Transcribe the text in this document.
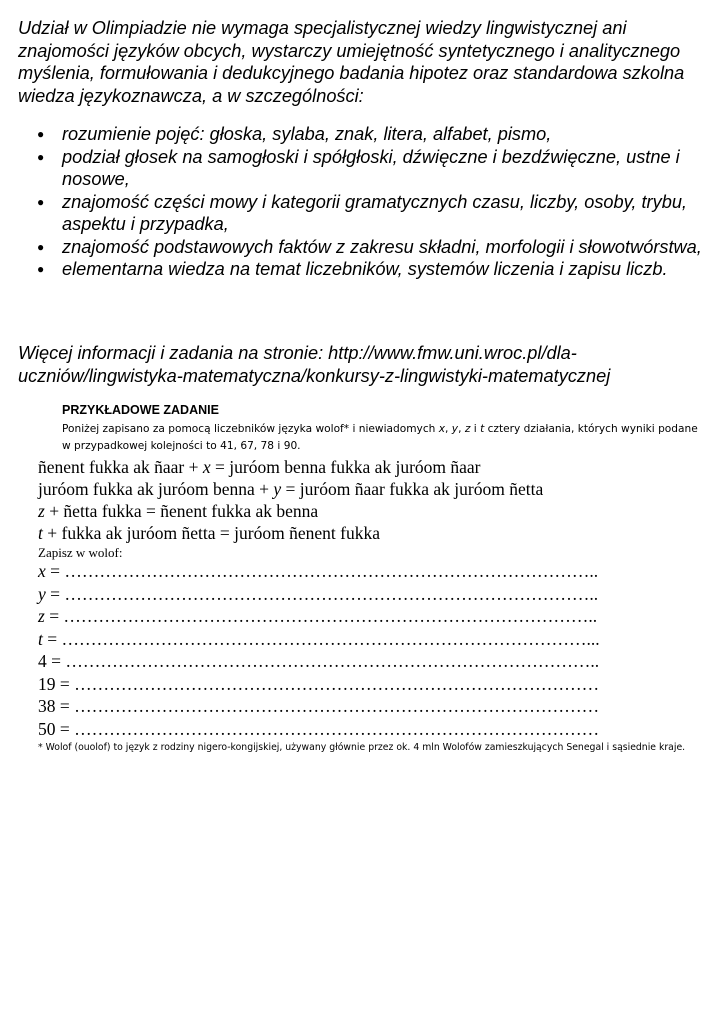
Udział w Olimpiadzie nie wymaga specjalistycznej wiedzy lingwistycznej ani znajomości języków obcych, wystarczy umiejętność syntetycznego i analitycznego myślenia, formułowania i dedukcyjnego badania hipotez oraz standardowa szkolna wiedza językoznawcza, a w szczególności:

● rozumienie pojęć: głoska, sylaba, znak, litera, alfabet, pismo,
● podział głosek na samogłoski i spółgłoski, dźwięczne i bezdźwięczne, ustne i nosowe,
● znajomość części mowy i kategorii gramatycznych czasu, liczby, osoby, trybu, aspektu i przypadka,
● znajomość podstawowych faktów z zakresu składni, morfologii i słowotwórstwa,
● elementarna wiedza na temat liczebników, systemów liczenia i zapisu liczb.
Więcej informacji i zadania na stronie: http://www.fmw.uni.wroc.pl/dla-
uczniów/lingwistyka-matematyczna/konkursy-z-lingwistyki-matematycznej
PRZYKŁADOWE ZADANIE

Poniżej zapisano za pomocą liczebników języka wolof* i niewiadomych x, y, z i t cztery działania, których wyniki podane w przypadkowej kolejności to 41, 67, 78 i 90.

ñenent fukka ak ñaar + x = juróom benna fukka ak juróom ñaar
juróom fukka ak juróom benna + y = juróom ñaar fukka ak juróom ñetta
z + ñetta fukka = ñenent fukka ak benna
t + fukka ak juróom ñetta = juróom ñenent fukka
Zapisz w wolof:
x = ………………………………………………………………………………..
y = ………………………………………………………………………………..
z = ………………………………………………………………………………..
t = ………………………………………………………………………………...
4 = ………………………………………………………………………………..
19 = ………………………………………………………………………………
38 = ………………………………………………………………………………
50 = ………………………………………………………………………………

* Wolof (ouolof) to język z rodziny nigero-kongijskiej, używany głównie przez ok. 4 mln Wolofów zamieszkujących Senegal i sąsiednie kraje.
